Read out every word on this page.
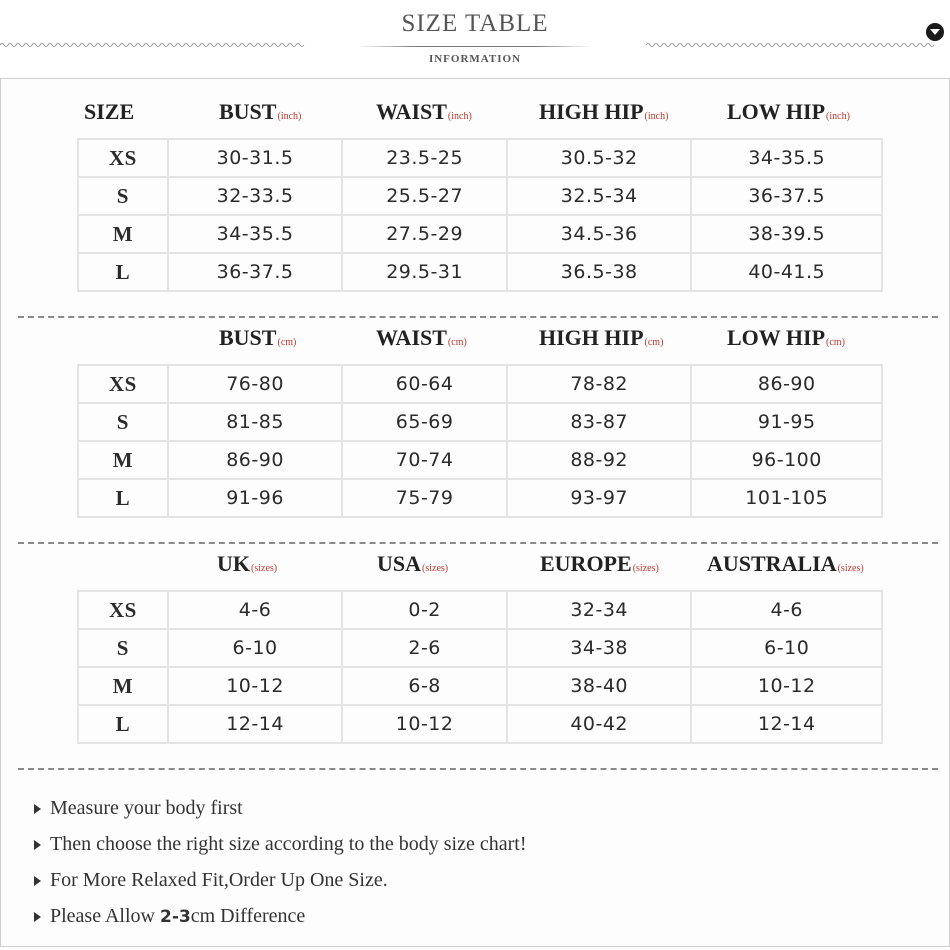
SIZE TABLE
INFORMATION
SIZE	BUST(inch)	WAIST(inch)	HIGH HIP(inch)	LOW HIP(inch)
XS	30-31.5	23.5-25	30.5-32	34-35.5
S	32-33.5	25.5-27	32.5-34	36-37.5
M	34-35.5	27.5-29	34.5-36	38-39.5
L	36-37.5	29.5-31	36.5-38	40-41.5
BUST(cm)	WAIST(cm)	HIGH HIP(cm)	LOW HIP(cm)
XS	76-80	60-64	78-82	86-90
S	81-85	65-69	83-87	91-95
M	86-90	70-74	88-92	96-100
L	91-96	75-79	93-97	101-105
UK(sizes)	USA(sizes)	EUROPE(sizes) AUSTRALIA(sizes)
XS	4-6	0-2	32-34	4-6
S	6-10	2-6	34-38	6-10
M	10-12	6-8	38-40	10-12
L	12-14	10-12	40-42	12-14
Measure your body first
Then choose the right size according to the body size chart!
For More Relaxed Fit,Order Up One Size.
Please Allow 2-3cm Difference
